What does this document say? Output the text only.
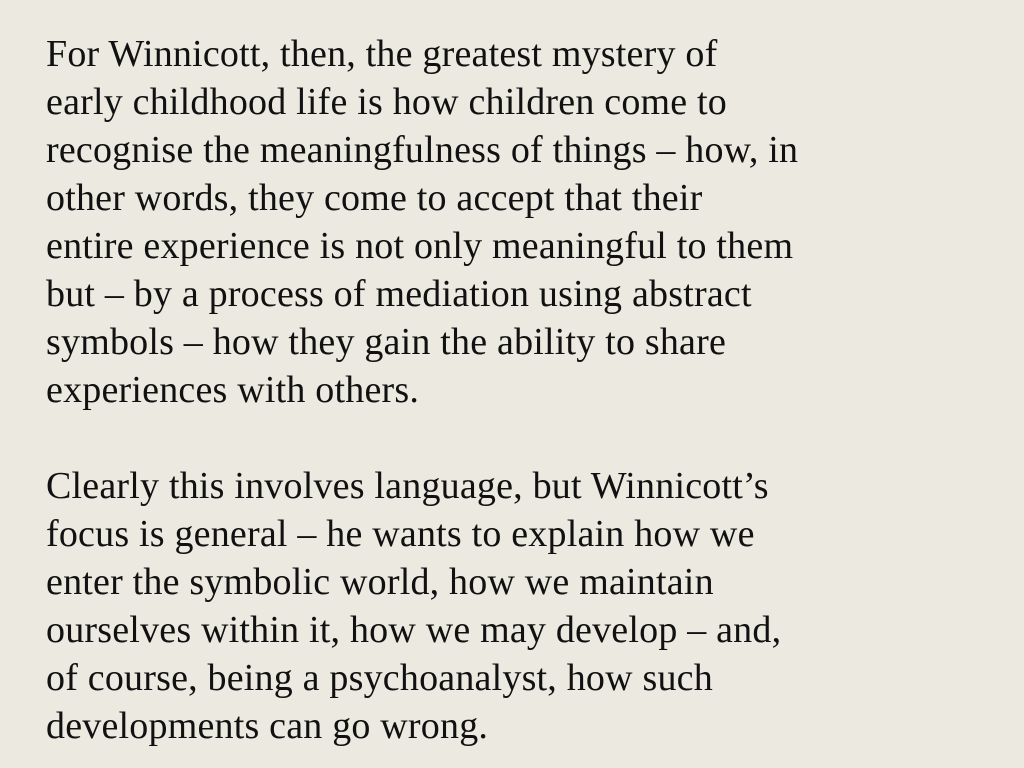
For Winnicott, then, the greatest mystery of
early childhood life is how children come to
recognise the meaningfulness of things – how, in
other words, they come to accept that their
entire experience is not only meaningful to them
but – by a process of mediation using abstract
symbols – how they gain the ability to share
experiences with others.
Clearly this involves language, but Winnicott’s
focus is general – he wants to explain how we
enter the symbolic world, how we maintain
ourselves within it, how we may develop – and,
of course, being a psychoanalyst, how such
developments can go wrong.
